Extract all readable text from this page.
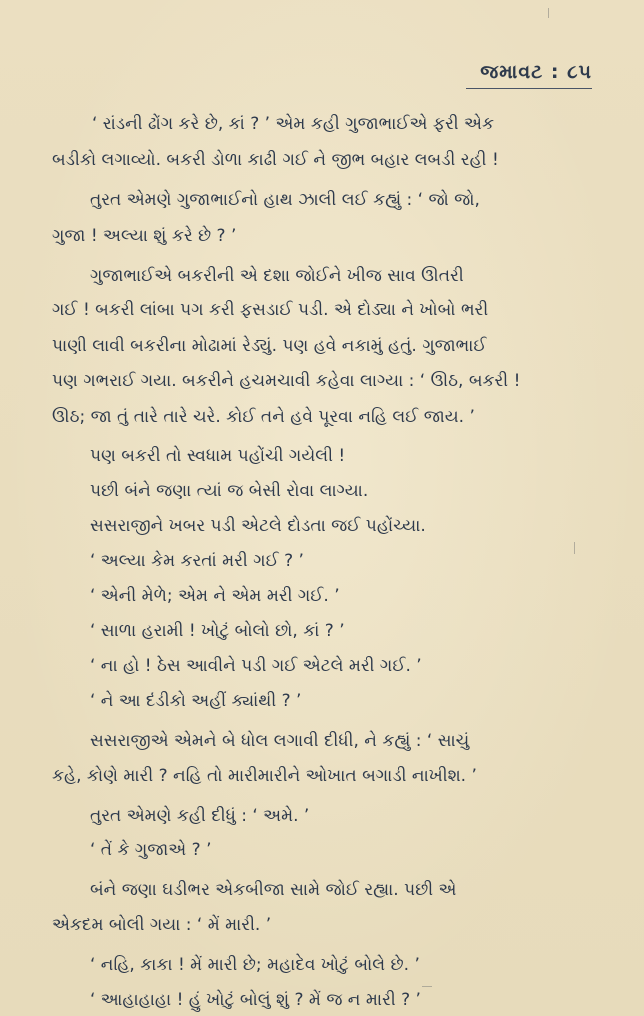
જમાવટ : ૮૫
‘ રાંડની ઢોંગ કરે છે, કાં ? ’ એમ કહી ગુજાભાઈએ ફરી એક
બડીકો લગાવ્યો. બકરી ડોળા કાઢી ગઈ ને જીભ બહાર લબડી રહી !
તુરત એમણે ગુજાભાઈનો હાથ ઝાલી લઈ કહ્યું : ‘ જો જો,
ગુજા ! અલ્યા શું કરે છે ? ’
ગુજાભાઈએ બકરીની એ દશા જોઈને ખીજ સાવ ઊતરી
ગઈ ! બકરી લાંબા પગ કરી ફસડાઈ પડી. એ દોડ્યા ને ખોબો ભરી
પાણી લાવી બકરીના મોઢામાં રેડ્યું. પણ હવે નકામું હતું. ગુજાભાઈ
પણ ગભરાઈ ગયા. બકરીને હચમચાવી કહેવા લાગ્યા : ‘ ઊઠ, બકરી !
ઊઠ; જા તું તારે તારે ચરે. કોઈ તને હવે પૂરવા નહિ લઈ જાય. ’
પણ બકરી તો સ્વધામ પહોંચી ગયેલી !
પછી બંને જણા ત્યાં જ બેસી રોવા લાગ્યા.
સસરાજીને ખબર પડી એટલે દોડતા જઈ પહોંચ્યા.
‘ અલ્યા કેમ કરતાં મરી ગઈ ? ’
‘ એની મેળે; એમ ને એમ મરી ગઈ. ’
‘ સાળા હરામી ! ખોટું બોલો છો, કાં ? ’
‘ ના હો ! ઠેસ આવીને પડી ગઈ એટલે મરી ગઈ. ’
‘ ને આ દંડીકો અહીં ક્યાંથી ? ’
સસરાજીએ એમને બે ધોલ લગાવી દીધી, ને કહ્યું : ‘ સાચું
કહે, કોણે મારી ? નહિ તો મારીમારીને ઓખાત બગાડી નાખીશ. ’
તુરત એમણે કહી દીધું : ‘ અમે. ’
‘ તેં કે ગુજાએ ? ’
બંને જણા ઘડીભર એકબીજા સામે જોઈ રહ્યા. પછી એ
એકદમ બોલી ગયા : ‘ મેં મારી. ’
‘ નહિ, કાકા ! મેં મારી છે; મહાદેવ ખોટું બોલે છે. ’
‘ આહાહાહા ! હું ખોટું બોલું શું ? મેં જ ન મારી ? ’
